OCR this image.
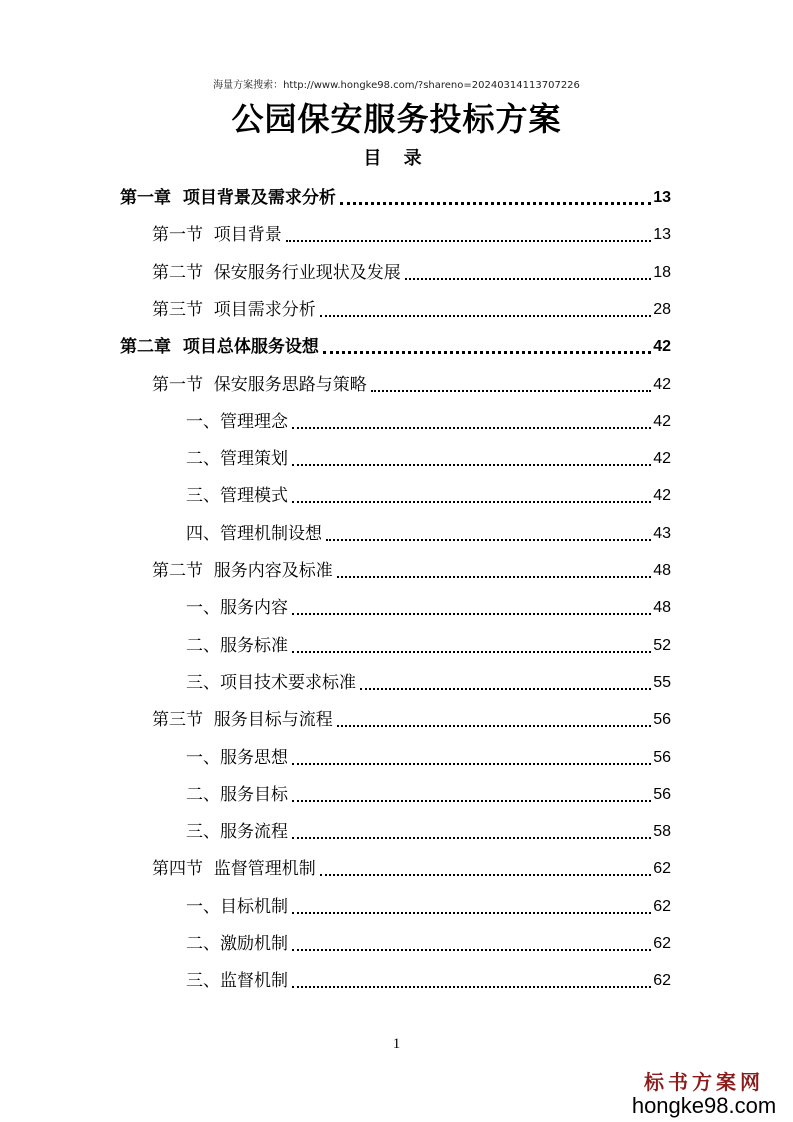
海量方案搜索：http://www.hongke98.com/?shareno=20240314113707226
公园保安服务投标方案
目 录
第一章  项目背景及需求分析	13
第一节  项目背景	13
第二节  保安服务行业现状及发展	18
第三节  项目需求分析	28
第二章  项目总体服务设想	42
第一节  保安服务思路与策略	42
一、管理理念	42
二、管理策划	42
三、管理模式	42
四、管理机制设想	43
第二节  服务内容及标准	48
一、服务内容	48
二、服务标准	52
三、项目技术要求标准	55
第三节  服务目标与流程	56
一、服务思想	56
二、服务目标	56
三、服务流程	58
第四节  监督管理机制	62
一、目标机制	62
二、激励机制	62
三、监督机制	62
1
标书方案网
hongke98.com
